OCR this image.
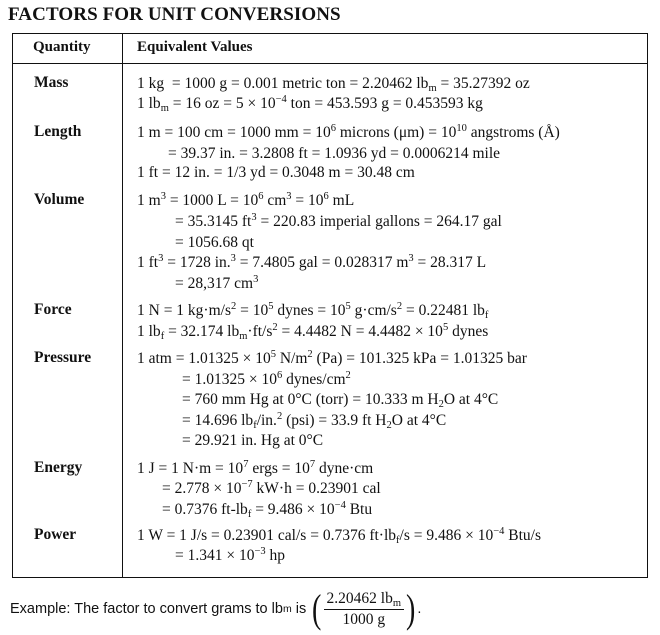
FACTORS FOR UNIT CONVERSIONS
Quantity	Equivalent Values
Mass	1 kg  = 1000 g = 0.001 metric ton = 2.20462 $lb_m = 35.27392$ oz
1 $lb_m = 16$ oz = $5 \times 10^{-4}$ ton = 453.593 g = 0.453593 kg
Length	1 m = 100 cm = 1000 mm = $10^6$ microns $(\mu m) = 10^{10}$ angstroms (Å)
= 39.37 in. = 3.2808 ft = 1.0936 yd = 0.0006214 mile
1 ft = 12 in. = 1/3 yd = 0.3048 m = 30.48 cm
Volume	1 $m^3 = 1000$ $L = 10^6$ $cm^3 = 10^6$ mL
= 35.3145 $ft^3 = 220.83$ imperial gallons = 264.17 gal
= 1056.68 qt
1 $ft^3 = 1728$ in.$^3$ = 7.4805 gal = 0.028317 $m^3 = 28.317$ L
= 28,317 $cm^3$
Force	1 N = 1 $kg\cdot m/s^2 = 10^5$ dynes = $10^5$ $g\cdot cm/s^2 = 0.22481$ $lb_f$
1 $lb_f = 32.174$ $lb_m\cdot ft/s^2 = 4.4482$ $N = 4.4482 \times 10^5$ dynes
Pressure	1 atm = $1.01325 \times 10^5$ $N/m^2$ (Pa) = 101.325 kPa = 1.01325 bar
= $1.01325 \times 10^6$ dynes/$cm^2$
= 760 mm Hg at 0°C (torr) = 10.333 m $H_2O$ at 4°C
= 14.696 $lb_f/in.^2$ (psi) = 33.9 ft $H_2O$ at 4°C
= 29.921 in. Hg at 0°C
Energy	1 J = 1 $N\cdot m = 10^7$ ergs = $10^7$ dyne·cm
= $2.778 \times 10^{-7}$ kW·h = 0.23901 cal
= 0.7376 $ft-lb_f = 9.486 \times 10^{-4}$ Btu
Power	1 W = 1 J/s = 0.23901 cal/s = 0.7376 $ft\cdot lb_f/s = 9.486 \times 10^{-4}$ Btu/s
= $1.341 \times 10^{-3}$ hp
Example: The factor to convert grams to lb m is ( $\frac{2.20462 lb_m}{1000 g}$ ) .
